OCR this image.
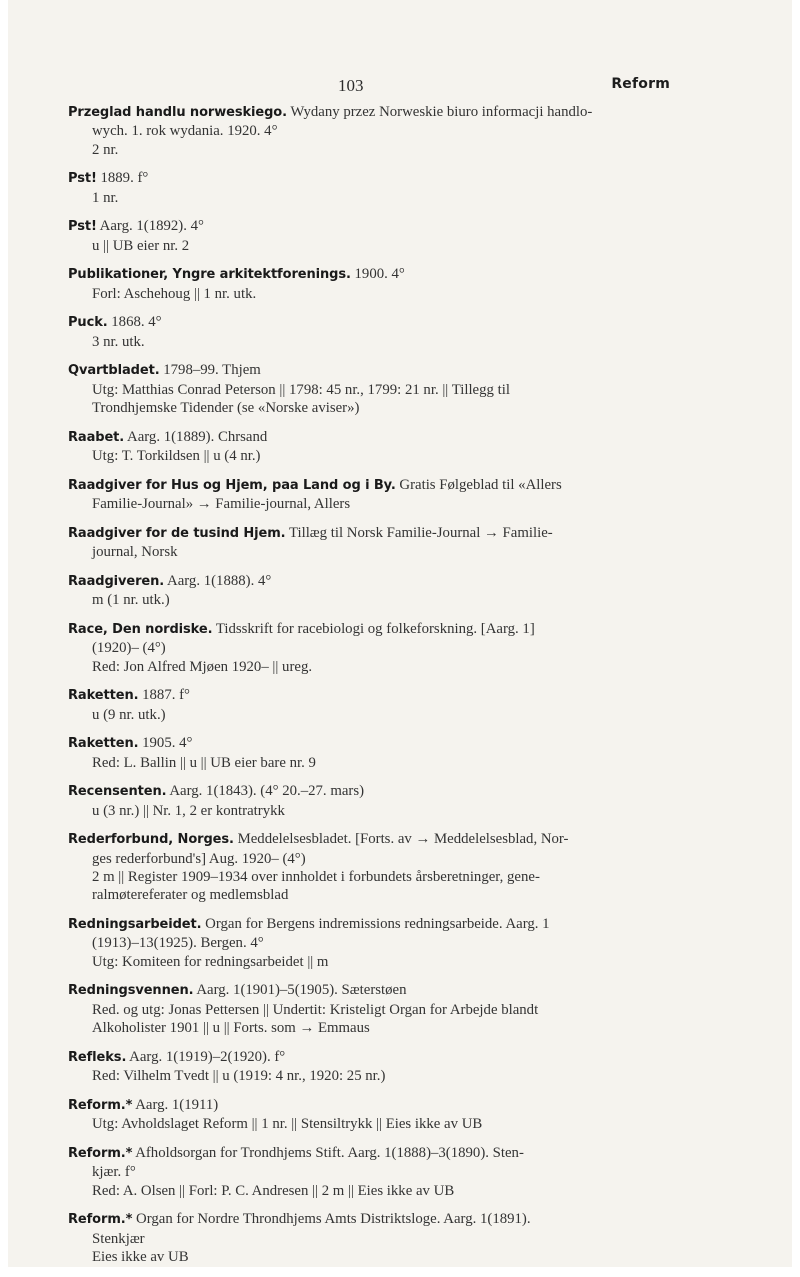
103	Reform
Przeglad handlu norweskiego. Wydany przez Norweskie biuro informacji handlo-
wych. 1. rok wydania. 1920. 4°
2 nr.
Pst! 1889. f°
1 nr.
Pst! Aarg. 1(1892). 4°
u || UB eier nr. 2
Publikationer, Yngre arkitektforenings. 1900. 4°
Forl: Aschehoug || 1 nr. utk.
Puck. 1868. 4°
3 nr. utk.
Qvartbladet. 1798–99. Thjem
Utg: Matthias Conrad Peterson || 1798: 45 nr., 1799: 21 nr. || Tillegg til
Trondhjemske Tidender (se «Norske aviser»)
Raabet. Aarg. 1(1889). Chrsand
Utg: T. Torkildsen || u (4 nr.)
Raadgiver for Hus og Hjem, paa Land og i By. Gratis Følgeblad til «Allers
Familie-Journal» → Familie-journal, Allers
Raadgiver for de tusind Hjem. Tillæg til Norsk Familie-Journal → Familie-
journal, Norsk
Raadgiveren. Aarg. 1(1888). 4°
m (1 nr. utk.)
Race, Den nordiske. Tidsskrift for racebiologi og folkeforskning. [Aarg. 1]
(1920)– (4°)
Red: Jon Alfred Mjøen 1920– || ureg.
Raketten. 1887. f°
u (9 nr. utk.)
Raketten. 1905. 4°
Red: L. Ballin || u || UB eier bare nr. 9
Recensenten. Aarg. 1(1843). (4° 20.–27. mars)
u (3 nr.) || Nr. 1, 2 er kontratrykk
Rederforbund, Norges. Meddelelsesbladet. [Forts. av → Meddelelsesblad, Nor-
ges rederforbund's] Aug. 1920– (4°)
2 m || Register 1909–1934 over innholdet i forbundets årsberetninger, gene-
ralmøtereferater og medlemsblad
Redningsarbeidet. Organ for Bergens indremissions redningsarbeide. Aarg. 1
(1913)–13(1925). Bergen. 4°
Utg: Komiteen for redningsarbeidet || m
Redningsvennen. Aarg. 1(1901)–5(1905). Sæterstøen
Red. og utg: Jonas Pettersen || Undertit: Kristeligt Organ for Arbejde blandt
Alkoholister 1901 || u || Forts. som → Emmaus
Refleks. Aarg. 1(1919)–2(1920). f°
Red: Vilhelm Tvedt || u (1919: 4 nr., 1920: 25 nr.)
Reform.* Aarg. 1(1911)
Utg: Avholdslaget Reform || 1 nr. || Stensiltrykk || Eies ikke av UB
Reform.* Afholdsorgan for Trondhjems Stift. Aarg. 1(1888)–3(1890). Sten-
kjær. f°
Red: A. Olsen || Forl: P. C. Andresen || 2 m || Eies ikke av UB
Reform.* Organ for Nordre Throndhjems Amts Distriktsloge. Aarg. 1(1891).
Stenkjær
Eies ikke av UB
